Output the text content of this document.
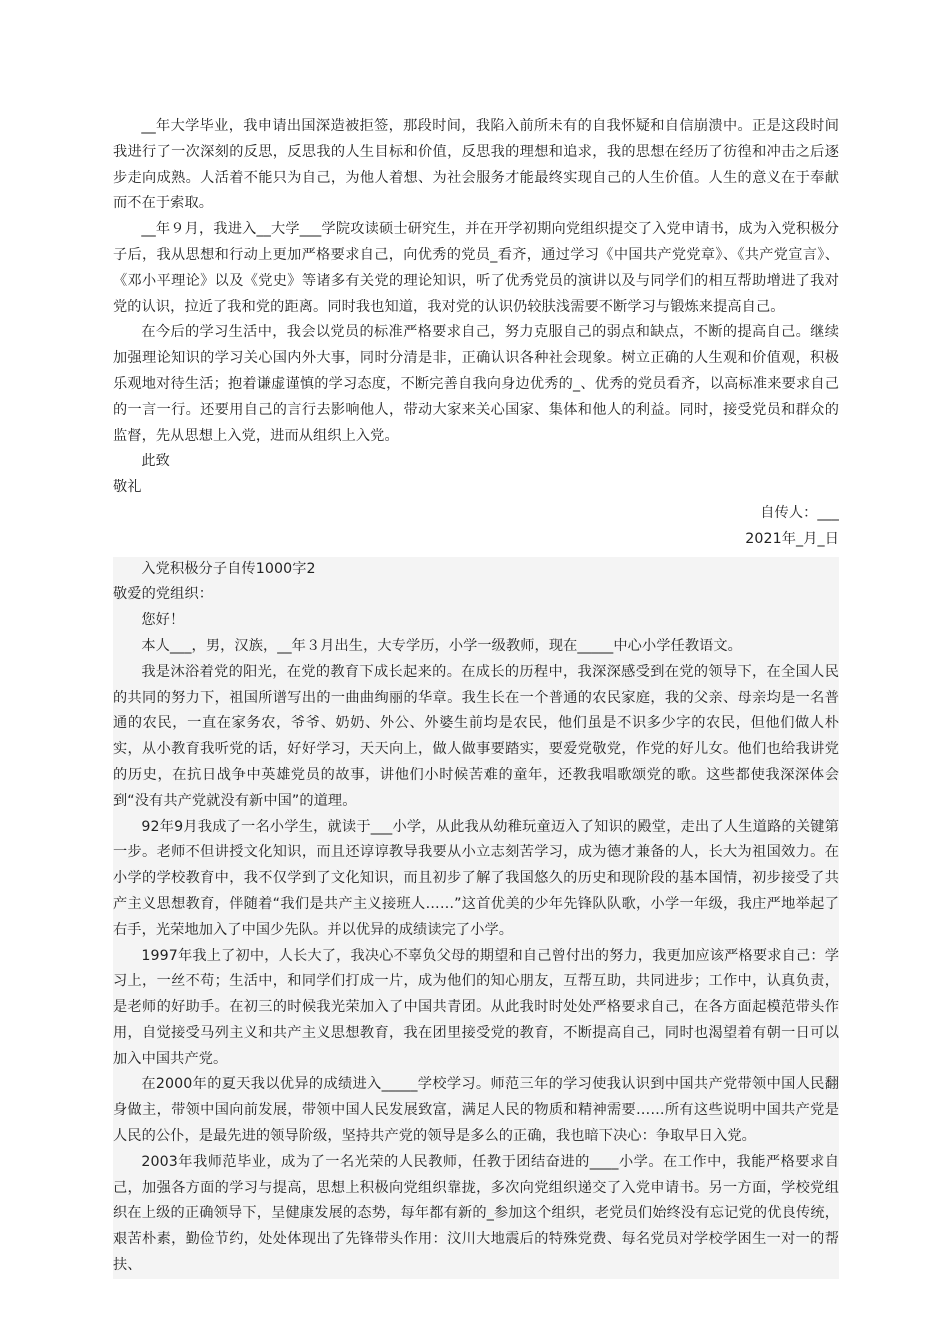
__年大学毕业，我申请出国深造被拒签，那段时间，我陷入前所未有的自我怀疑和自信崩溃中。正是这段时间我进行了一次深刻的反思，反思我的人生目标和价值，反思我的理想和追求，我的思想在经历了彷徨和冲击之后逐步走向成熟。人活着不能只为自己，为他人着想、为社会服务才能最终实现自己的人生价值。人生的意义在于奉献而不在于索取。

__年９月，我进入__大学___学院攻读硕士研究生，并在开学初期向党组织提交了入党申请书，成为入党积极分子后，我从思想和行动上更加严格要求自己，向优秀的党员_看齐，通过学习《中国共产党党章》、《共产党宣言》、《邓小平理论》以及《党史》等诸多有关党的理论知识，听了优秀党员的演讲以及与同学们的相互帮助增进了我对党的认识，拉近了我和党的距离。同时我也知道，我对党的认识仍较肤浅需要不断学习与锻炼来提高自己。

在今后的学习生活中，我会以党员的标准严格要求自己，努力克服自己的弱点和缺点，不断的提高自己。继续加强理论知识的学习关心国内外大事，同时分清是非，正确认识各种社会现象。树立正确的人生观和价值观，积极乐观地对待生活；抱着谦虚谨慎的学习态度，不断完善自我向身边优秀的_、优秀的党员看齐，以高标准来要求自己的一言一行。还要用自己的言行去影响他人，带动大家来关心国家、集体和他人的利益。同时，接受党员和群众的监督，先从思想上入党，进而从组织上入党。

此致

敬礼

自传人：___

2021年_月_日

入党积极分子自传1000字2

敬爱的党组织：

您好！

本人___，男，汉族，__年３月出生，大专学历，小学一级教师，现在_____中心小学任教语文。

我是沐浴着党的阳光，在党的教育下成长起来的。在成长的历程中，我深深感受到在党的领导下，在全国人民的共同的努力下，祖国所谱写出的一曲曲绚丽的华章。我生长在一个普通的农民家庭，我的父亲、母亲均是一名普通的农民，一直在家务农，爷爷、奶奶、外公、外婆生前均是农民，他们虽是不识多少字的农民，但他们做人朴实，从小教育我听党的话，好好学习，天天向上，做人做事要踏实，要爱党敬党，作党的好儿女。他们也给我讲党的历史，在抗日战争中英雄党员的故事，讲他们小时候苦难的童年，还教我唱歌颂党的歌。这些都使我深深体会到“没有共产党就没有新中国”的道理。

92年9月我成了一名小学生，就读于___小学，从此我从幼稚玩童迈入了知识的殿堂，走出了人生道路的关键第一步。老师不但讲授文化知识，而且还谆谆教导我要从小立志刻苦学习，成为德才兼备的人，长大为祖国效力。在小学的学校教育中，我不仅学到了文化知识，而且初步了解了我国悠久的历史和现阶段的基本国情，初步接受了共产主义思想教育，伴随着“我们是共产主义接班人……”这首优美的少年先锋队队歌，小学一年级，我庄严地举起了右手，光荣地加入了中国少先队。并以优异的成绩读完了小学。

1997年我上了初中，人长大了，我决心不辜负父母的期望和自己曾付出的努力，我更加应该严格要求自己：学习上，一丝不苟；生活中，和同学们打成一片，成为他们的知心朋友，互帮互助，共同进步；工作中，认真负责，是老师的好助手。在初三的时候我光荣加入了中国共青团。从此我时时处处严格要求自己，在各方面起模范带头作用，自觉接受马列主义和共产主义思想教育，我在团里接受党的教育，不断提高自己，同时也渴望着有朝一日可以加入中国共产党。

在2000年的夏天我以优异的成绩进入_____学校学习。师范三年的学习使我认识到中国共产党带领中国人民翻身做主，带领中国向前发展，带领中国人民发展致富，满足人民的物质和精神需要……所有这些说明中国共产党是人民的公仆，是最先进的领导阶级，坚持共产党的领导是多么的正确，我也暗下决心：争取早日入党。

2003年我师范毕业，成为了一名光荣的人民教师，任教于团结奋进的____小学。在工作中，我能严格要求自己，加强各方面的学习与提高，思想上积极向党组织靠拢，多次向党组织递交了入党申请书。另一方面，学校党组织在上级的正确领导下，呈健康发展的态势，每年都有新的_参加这个组织，老党员们始终没有忘记党的优良传统，艰苦朴素，勤俭节约，处处体现出了先锋带头作用：汶川大地震后的特殊党费、每名党员对学校学困生一对一的帮扶、
